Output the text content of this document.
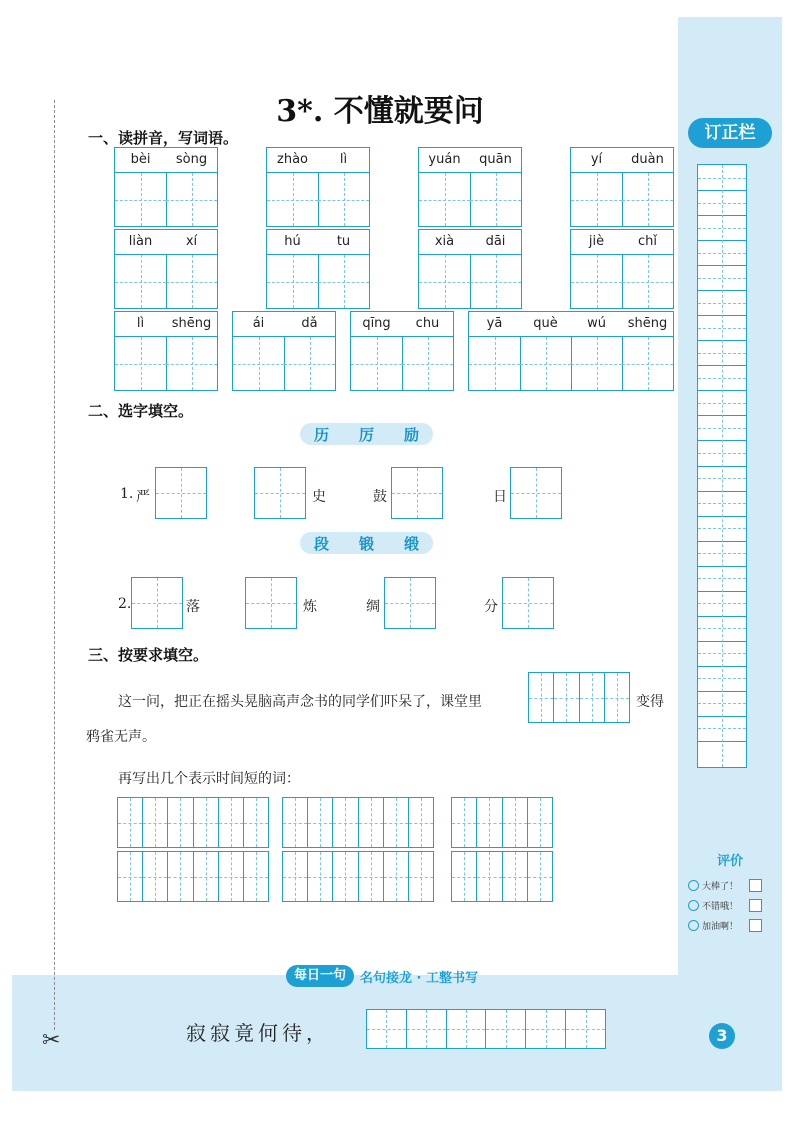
✂
3*. 不懂就要问
一、读拼音，写词语。
bèi	sòng	zhào	lì	yuán	quān	yí	duàn
liàn	xí	hú	tu	xià	dāi	jiè	chǐ
lì	shēng	ái	dǎ	qīng	chu	yā	què	wú	shēng
二、选字填空。
历 厉 励
1. 严	史	鼓	日
段 锻 缎
2.	落	炼	绸	分
三、按要求填空。
这一问，把正在摇头晃脑高声念书的同学们吓呆了，课堂里	变得
鸦雀无声。
再写出几个表示时间短的词：
订正栏
评价
大棒了！
不错哦！
加油啊！
每日一句	名句接龙 · 工整书写
寂寂竟何待，	3
